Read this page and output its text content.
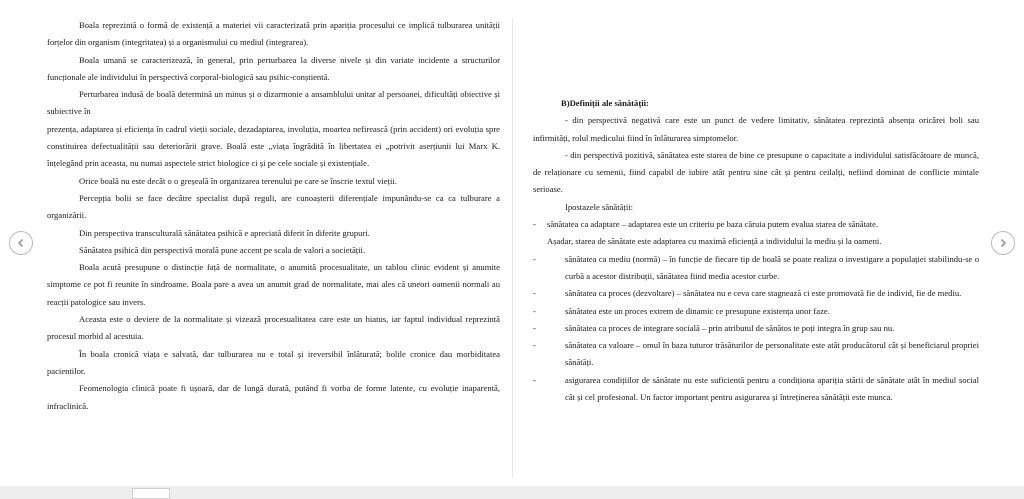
Boala reprezintă o formă de existență a materiei vii caracterizată prin apariția procesului ce implică tulburarea unității forțelor din organism (integritatea) și a organismului cu mediul (integrarea).

Boala umană se caracterizează, în general, prin perturbarea la diverse nivele și din variate incidente a structurilor funcționale ale individului în perspectivă corporal-biologică sau psihic-conștientă.

Perturbarea indusă de boală determină un minus și o dizarmonie a ansamblului unitar al persoanei, dificultăți obiective și subiective în

prezența, adaptarea și eficiența în cadrul vieții sociale, dezadaptarea, involuția, moartea nefirească (prin accident) ori evoluția spre constituirea defectualității sau deteriorării grave. Boală este „viața îngrădită în libertatea ei „potrivit aserțiunii lui Marx K. înțelegând prin aceasta, nu numai aspectele strict biologice ci și pe cele sociale și existențiale.

Orice boală nu este decât o o greșeală în organizarea terenului pe care se înscrie textul vieții.

Percepția bolii se face decâtre specialist după reguli, are cunoașterii diferențiale impunându-se ca ca tulburare a organizării.

Din perspectiva transculturală sănătatea psihică e apreciată diferit în diferite grupuri.

Sănătatea psihică din perspectivă morală pune accent pe scala de valori a societății.

Boala acută presupune o distincție față de normalitate, o anumită procesualitate, un tablou clinic evident și anumite simptome ce pot fi reunite în sindroame. Boala pare a avea un anumit grad de normalitate, mai ales că uneori oamenii normali au reacții patologice sau invers.

Aceasta este o deviere de la normalitate și vizează procesualitatea care este un hiatus, iar faptul individual reprezintă procesul morbid al acestuia.

În boala cronică viața e salvată, dar tulburarea nu e total și ireversibil înlăturată; bolile cronice dau morbiditatea pacientilor.

Feomenologia clinică poate fi ușoară, dar de lungă durată, putând fi vorba de forme latente, cu evoluție inaparentă, infraclinică.

B)Definiții ale sănătății:

- din perspectivă negativă care este un punct de vedere limitativ, sănătatea reprezintă absența oricărei boli sau infirmități, rolul medicului fiind în înlăturarea simptomelor.

- din perspectivă pozitivă, sănătatea este starea de bine ce presupune o capacitate a individului satisfăcătoare de muncă, de relaționare cu semenii, fiind capabil de iubire atât pentru sine cât și pentru ceilalți, nefiind dominat de conflicte mintale serioase.

Ipostazele sănătății:

- sănătatea ca adaptare – adaptarea este un criteriu pe baza căruia putem evalua starea de sănătate.

Așadar, starea de sănătate este adaptarea cu maximă eficiență a individului la mediu și la oameni.

-	sănătatea ca mediu (normă) – în funcție de fiecare tip de boală se poate realiza o investigare a populației stabilindu-se o curbă a acestor distribuții, sănătatea fiind media acestor curbe.

-	sănătatea ca proces (dezvoltare) – sănătatea nu e ceva care stagnează ci este promovată fie de individ, fie de mediu.

-	sănătatea este un proces extrem de dinamic ce presupune existența unor faze.

-	sănătatea ca proces de integrare socială – prin atributul de sănătos te poți integra în grup sau nu.

-	sănătatea ca valoare – omul în baza tuturor trăsăturilor de personalitate este atât producătorul cât și beneficiarul propriei sănătăți.

-	asigurarea condițiilor de sănătate nu este suficientă pentru a condiționa apariția stării de sănătate atât în mediul social cât și cel profesional. Un factor important pentru asigurarea și întreținerea sănătății este munca.
